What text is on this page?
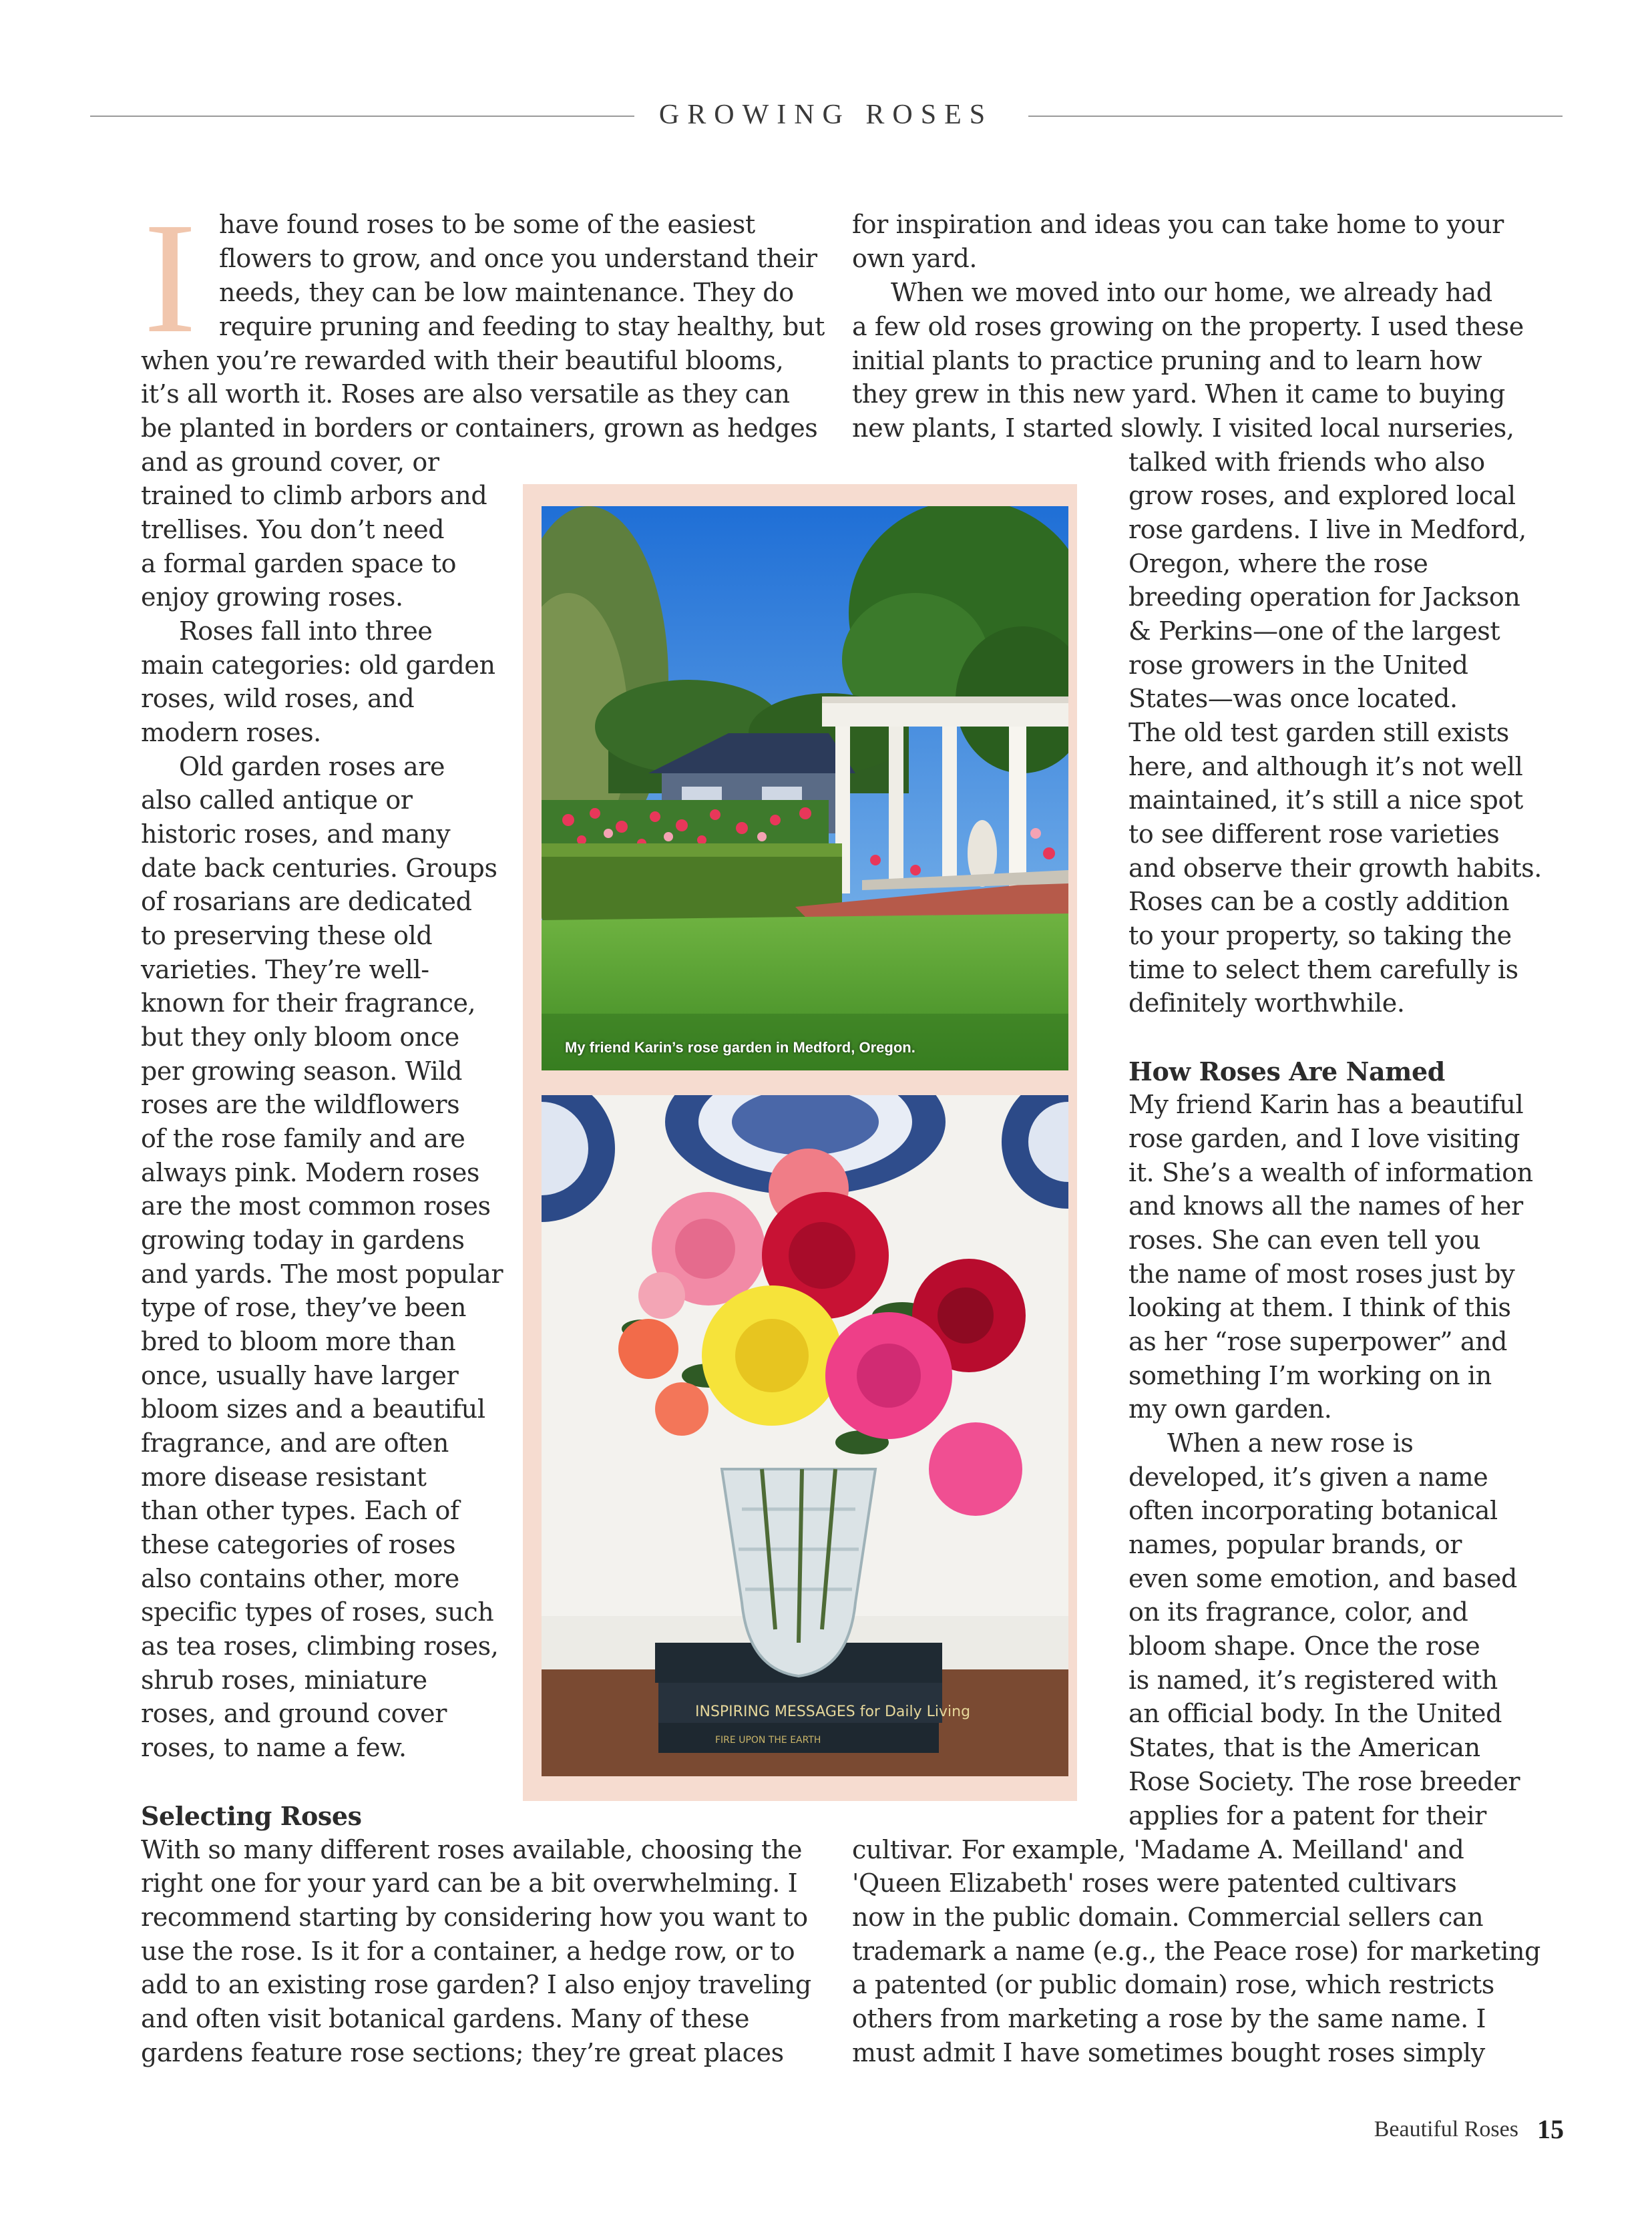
GROWING ROSES
I have found roses to be some of the easiest
flowers to grow, and once you understand their
needs, they can be low maintenance. They do
require pruning and feeding to stay healthy, but
when you’re rewarded with their beautiful blooms,
it’s all worth it. Roses are also versatile as they can
be planted in borders or containers, grown as hedges
and as ground cover, or
trained to climb arbors and
trellises. You don’t need
a formal garden space to
enjoy growing roses.
Roses fall into three
main categories: old garden
roses, wild roses, and
modern roses.
Old garden roses are
also called antique or
historic roses, and many
date back centuries. Groups
of rosarians are dedicated
to preserving these old
varieties. They’re well-
known for their fragrance,
but they only bloom once
per growing season. Wild
roses are the wildflowers
of the rose family and are
always pink. Modern roses
are the most common roses
growing today in gardens
and yards. The most popular
type of rose, they’ve been
bred to bloom more than
once, usually have larger
bloom sizes and a beautiful
fragrance, and are often
more disease resistant
than other types. Each of
these categories of roses
also contains other, more
specific types of roses, such
as tea roses, climbing roses,
shrub roses, miniature
roses, and ground cover
roses, to name a few.
Selecting Roses
With so many different roses available, choosing the
right one for your yard can be a bit overwhelming. I
recommend starting by considering how you want to
use the rose. Is it for a container, a hedge row, or to
add to an existing rose garden? I also enjoy traveling
and often visit botanical gardens. Many of these
gardens feature rose sections; they’re great places
for inspiration and ideas you can take home to your
own yard.
When we moved into our home, we already had
a few old roses growing on the property. I used these
initial plants to practice pruning and to learn how
they grew in this new yard. When it came to buying
new plants, I started slowly. I visited local nurseries,
talked with friends who also
grow roses, and explored local
rose gardens. I live in Medford,
Oregon, where the rose
breeding operation for Jackson
& Perkins—one of the largest
rose growers in the United
States—was once located.
The old test garden still exists
here, and although it’s not well
maintained, it’s still a nice spot
to see different rose varieties
and observe their growth habits.
Roses can be a costly addition
to your property, so taking the
time to select them carefully is
definitely worthwhile.
How Roses Are Named
My friend Karin has a beautiful
rose garden, and I love visiting
it. She’s a wealth of information
and knows all the names of her
roses. She can even tell you
the name of most roses just by
looking at them. I think of this
as her “rose superpower” and
something I’m working on in
my own garden.
When a new rose is
developed, it’s given a name
often incorporating botanical
names, popular brands, or
even some emotion, and based
on its fragrance, color, and
bloom shape. Once the rose
is named, it’s registered with
an official body. In the United
States, that is the American
Rose Society. The rose breeder
applies for a patent for their
cultivar. For example, 'Madame A. Meilland' and
'Queen Elizabeth' roses were patented cultivars
now in the public domain. Commercial sellers can
trademark a name (e.g., the Peace rose) for marketing
a patented (or public domain) rose, which restricts
others from marketing a rose by the same name. I
must admit I have sometimes bought roses simply
My friend Karin’s rose garden in Medford, Oregon.
INSPIRING MESSAGES for Daily Living
FIRE UPON THE EARTH
Beautiful Roses 15
